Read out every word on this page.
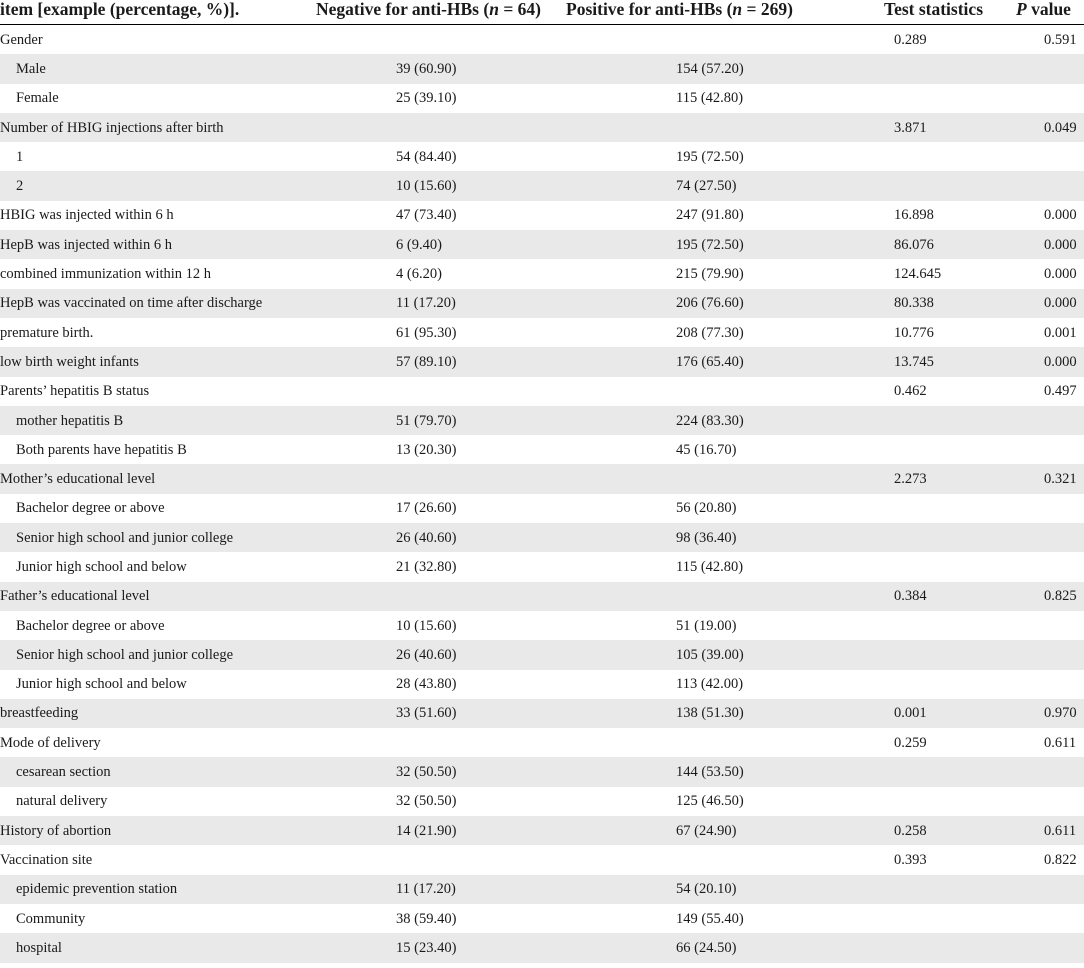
item [example (percentage, %)].	Negative for anti-HBs (n = 64)	Positive for anti-HBs (n = 269)	Test statistics	P value
Gender			0.289	0.591
Male	39 (60.90)	154 (57.20)		
Female	25 (39.10)	115 (42.80)		
Number of HBIG injections after birth			3.871	0.049
1	54 (84.40)	195 (72.50)		
2	10 (15.60)	74 (27.50)		
HBIG was injected within 6 h	47 (73.40)	247 (91.80)	16.898	0.000
HepB was injected within 6 h	6 (9.40)	195 (72.50)	86.076	0.000
combined immunization within 12 h	4 (6.20)	215 (79.90)	124.645	0.000
HepB was vaccinated on time after discharge	11 (17.20)	206 (76.60)	80.338	0.000
premature birth.	61 (95.30)	208 (77.30)	10.776	0.001
low birth weight infants	57 (89.10)	176 (65.40)	13.745	0.000
Parents’ hepatitis B status			0.462	0.497
mother hepatitis B	51 (79.70)	224 (83.30)		
Both parents have hepatitis B	13 (20.30)	45 (16.70)		
Mother’s educational level			2.273	0.321
Bachelor degree or above	17 (26.60)	56 (20.80)		
Senior high school and junior college	26 (40.60)	98 (36.40)		
Junior high school and below	21 (32.80)	115 (42.80)		
Father’s educational level			0.384	0.825
Bachelor degree or above	10 (15.60)	51 (19.00)		
Senior high school and junior college	26 (40.60)	105 (39.00)		
Junior high school and below	28 (43.80)	113 (42.00)		
breastfeeding	33 (51.60)	138 (51.30)	0.001	0.970
Mode of delivery			0.259	0.611
cesarean section	32 (50.50)	144 (53.50)		
natural delivery	32 (50.50)	125 (46.50)		
History of abortion	14 (21.90)	67 (24.90)	0.258	0.611
Vaccination site			0.393	0.822
epidemic prevention station	11 (17.20)	54 (20.10)		
Community	38 (59.40)	149 (55.40)		
hospital	15 (23.40)	66 (24.50)		
